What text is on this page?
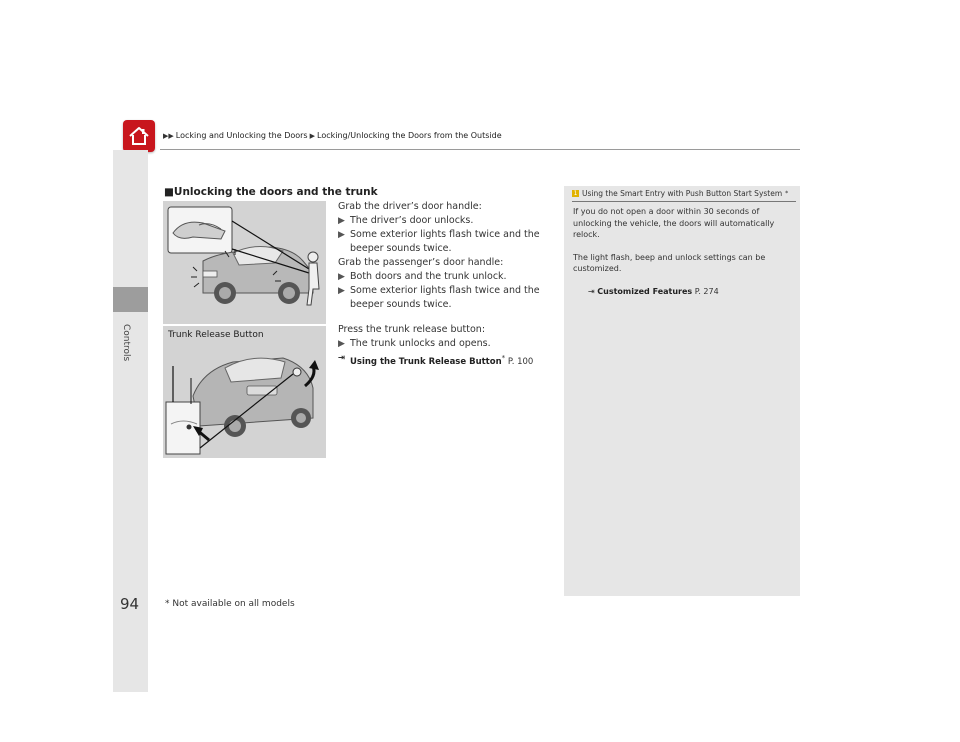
▶▶ Locking and Unlocking the Doors ▶ Locking/Unlocking the Doors from the Outside
Controls
■Unlocking the doors and the trunk
Trunk Release Button

Grab the driver’s door handle:

▶ The driver’s door unlocks.

▶ Some exterior lights flash twice and the

beeper sounds twice.

Grab the passenger’s door handle:

▶ Both doors and the trunk unlock.

▶ Some exterior lights flash twice and the

beeper sounds twice.

Press the trunk release button:

▶ The trunk unlocks and opens.

⇥ Using the Trunk Release Button* P. 100

1 Using the Smart Entry with Push Button Start System *

If you do not open a door within 30 seconds of unlocking the vehicle, the doors will automatically relock.

The light flash, beep and unlock settings can be customized.

⇥ Customized Features P. 274

94	* Not available on all models
